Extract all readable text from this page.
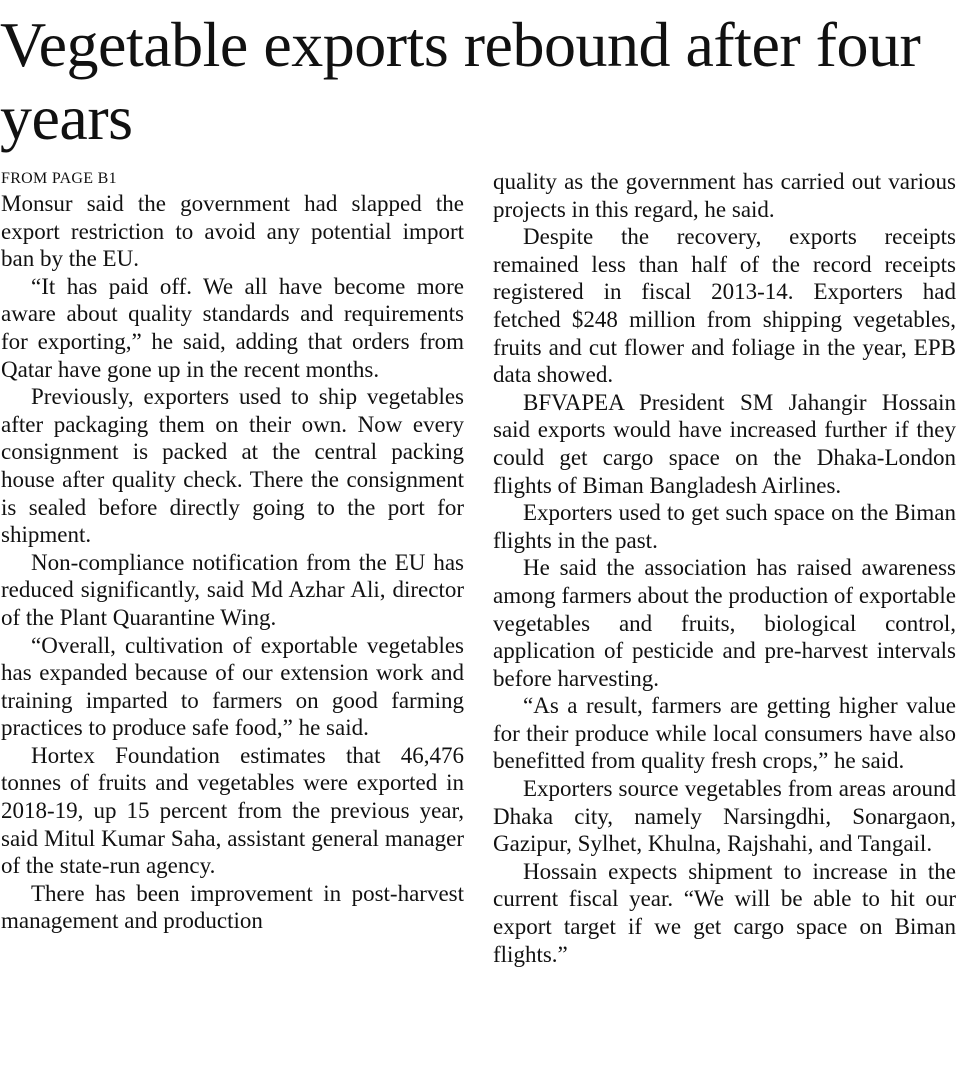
Vegetable exports rebound after four years
FROM PAGE B1

Monsur said the government had slapped the export restriction to avoid any potential import ban by the EU.

“It has paid off. We all have become more aware about quality standards and requirements for exporting,” he said, adding that orders from Qatar have gone up in the recent months.

Previously, exporters used to ship vegetables after packaging them on their own. Now every consignment is packed at the central packing house after quality check. There the consignment is sealed before directly going to the port for shipment.

Non-compliance notification from the EU has reduced significantly, said Md Azhar Ali, director of the Plant Quarantine Wing.

“Overall, cultivation of exportable vegetables has expanded because of our extension work and training imparted to farmers on good farming practices to produce safe food,” he said.

Hortex Foundation estimates that 46,476 tonnes of fruits and vegetables were exported in 2018-19, up 15 percent from the previous year, said Mitul Kumar Saha, assistant general manager of the state-run agency.

There has been improvement in post-harvest management and production

quality as the government has carried out various projects in this regard, he said.

Despite the recovery, exports receipts remained less than half of the record receipts registered in fiscal 2013-14. Exporters had fetched $248 million from shipping vegetables, fruits and cut flower and foliage in the year, EPB data showed.

BFVAPEA President SM Jahangir Hossain said exports would have increased further if they could get cargo space on the Dhaka-London flights of Biman Bangladesh Airlines.

Exporters used to get such space on the Biman flights in the past.

He said the association has raised awareness among farmers about the production of exportable vegetables and fruits, biological control, application of pesticide and pre-harvest intervals before harvesting.

“As a result, farmers are getting higher value for their produce while local consumers have also benefitted from quality fresh crops,” he said.

Exporters source vegetables from areas around Dhaka city, namely Narsingdhi, Sonargaon, Gazipur, Sylhet, Khulna, Rajshahi, and Tangail.

Hossain expects shipment to increase in the current fiscal year. “We will be able to hit our export target if we get cargo space on Biman flights.”
